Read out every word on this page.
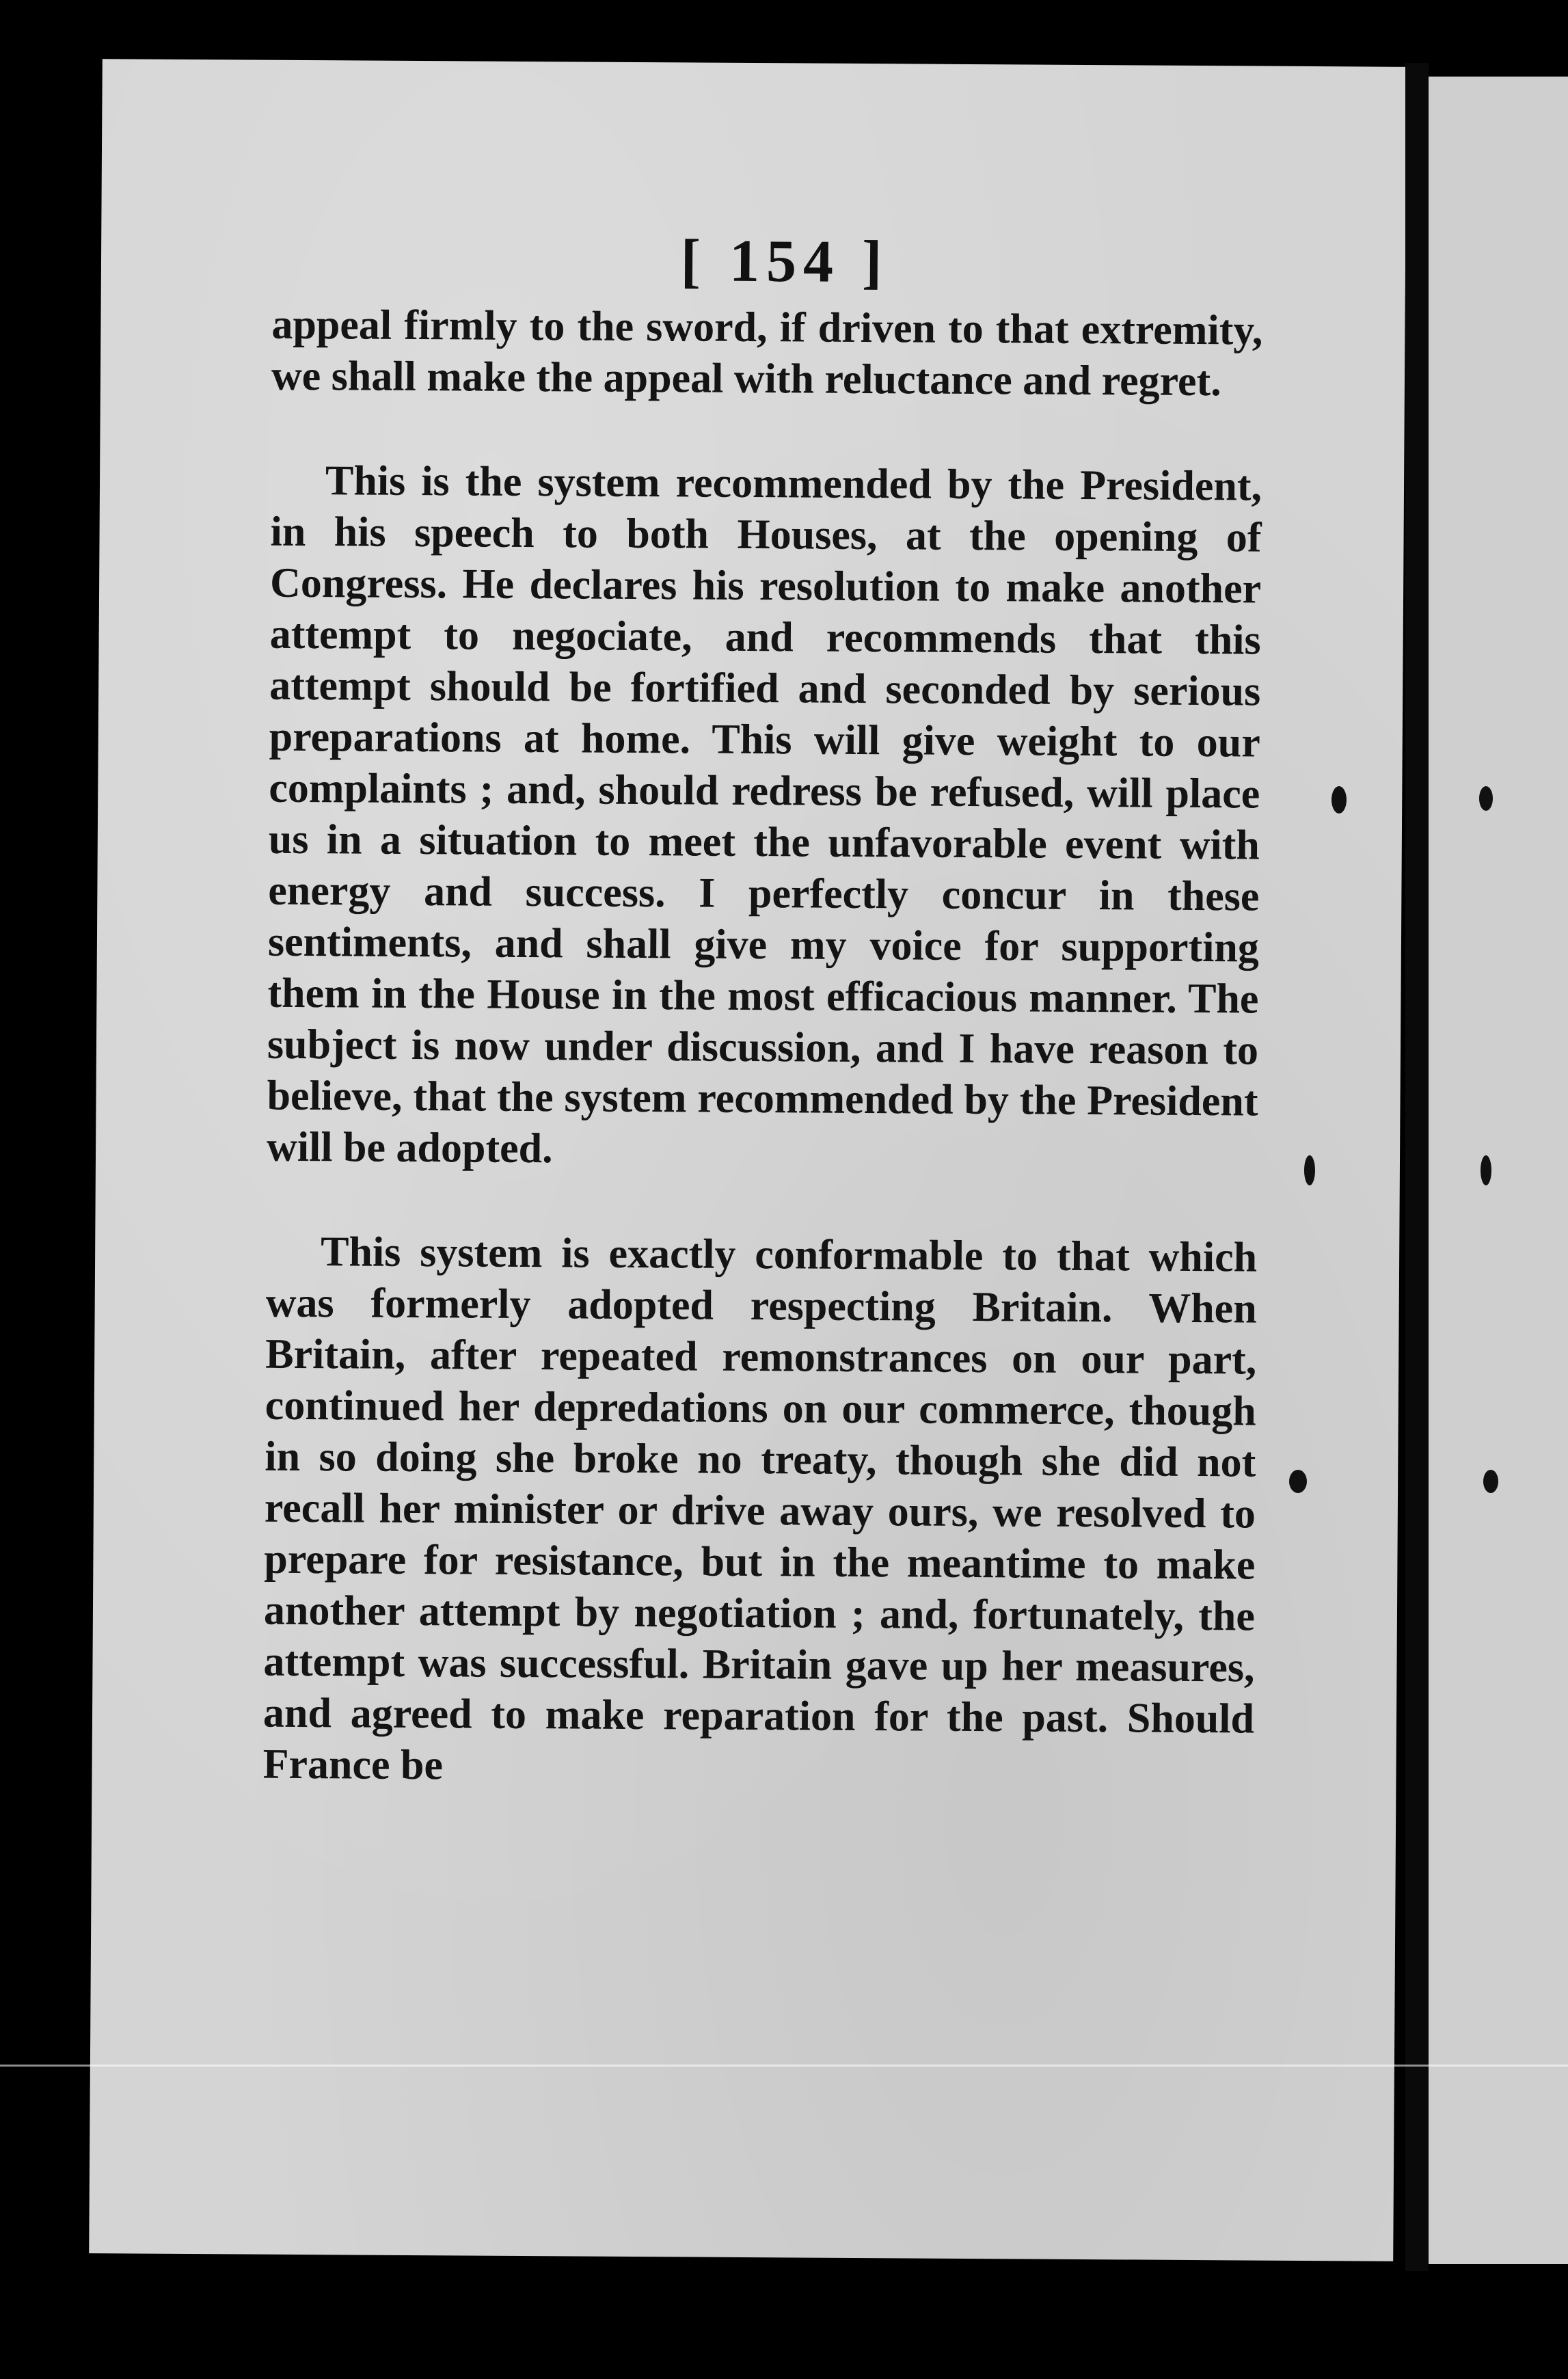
[ 154 ]

appeal firmly to the sword, if driven to that extremity, we shall make the appeal with reluctance and regret.

This is the system recommended by the President, in his speech to both Houses, at the opening of Congress. He declares his resolution to make another attempt to negociate, and recommends that this attempt should be fortified and seconded by serious preparations at home. This will give weight to our complaints ; and, should redress be refused, will place us in a situation to meet the unfavorable event with energy and success. I perfectly concur in these sentiments, and shall give my voice for supporting them in the House in the most efficacious manner. The subject is now under discussion, and I have reason to believe, that the system recommended by the President will be adopted.

This system is exactly conformable to that which was formerly adopted respecting Britain. When Britain, after repeated remonstrances on our part, continued her depredations on our commerce, though in so doing she broke no treaty, though she did not recall her minister or drive away ours, we resolved to prepare for resistance, but in the meantime to make another attempt by negotiation ; and, fortunately, the attempt was successful. Britain gave up her measures, and agreed to make reparation for the past. Should France be
